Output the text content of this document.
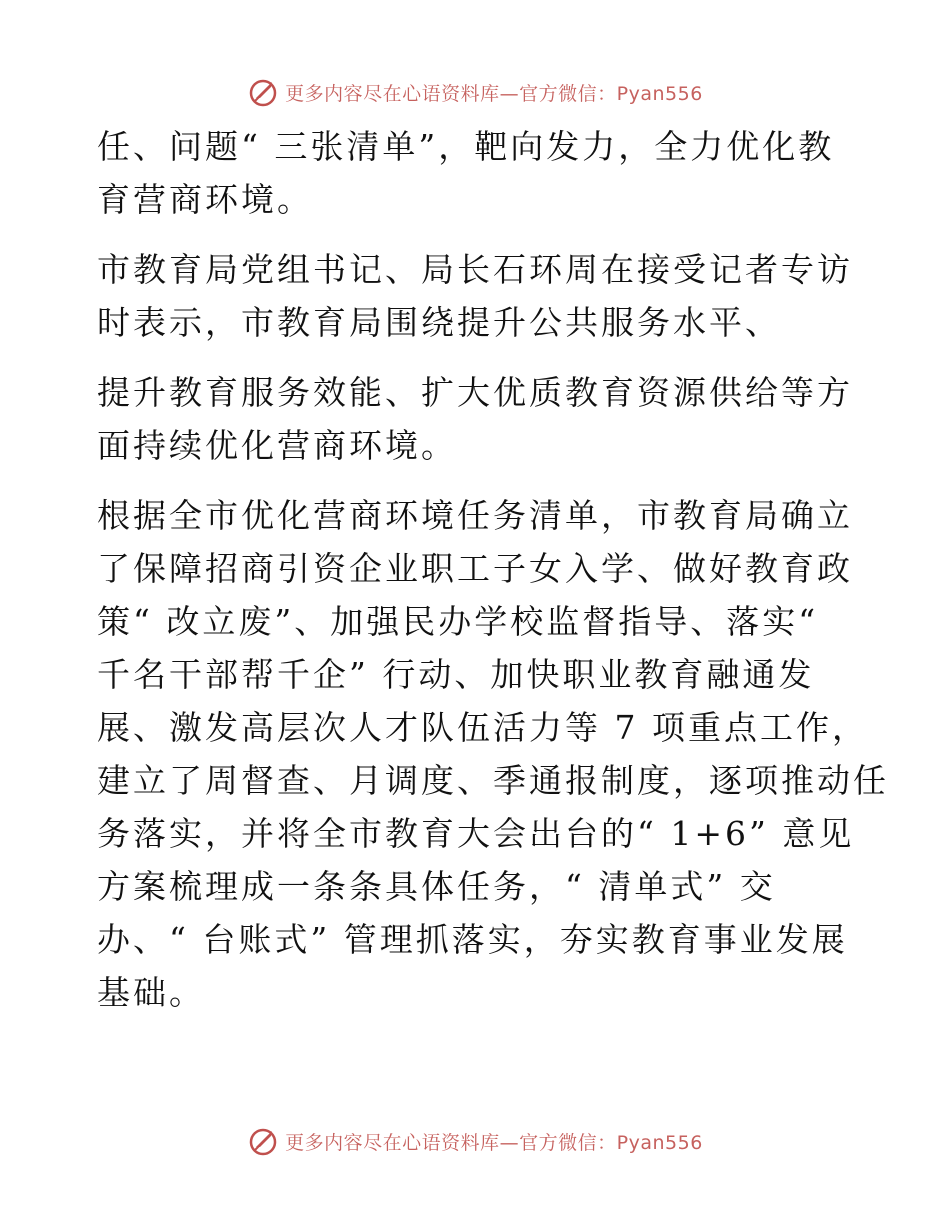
更多内容尽在心语资料库—官方微信：Pyan556

任、问题“ 三张清单”，靶向发力，全力优化教
育营商环境。

市教育局党组书记、局长石环周在接受记者专访
时表示，市教育局围绕提升公共服务水平、

提升教育服务效能、扩大优质教育资源供给等方
面持续优化营商环境。

根据全市优化营商环境任务清单，市教育局确立
了保障招商引资企业职工子女入学、做好教育政
策“ 改立废”、加强民办学校监督指导、落实“
千名干部帮千企” 行动、加快职业教育融通发
展、激发高层次人才队伍活力等 7 项重点工作，
建立了周督查、月调度、季通报制度，逐项推动任
务落实，并将全市教育大会出台的“ 1+6” 意见
方案梳理成一条条具体任务，“ 清单式” 交
办、“ 台账式” 管理抓落实，夯实教育事业发展
基础。

更多内容尽在心语资料库—官方微信：Pyan556
